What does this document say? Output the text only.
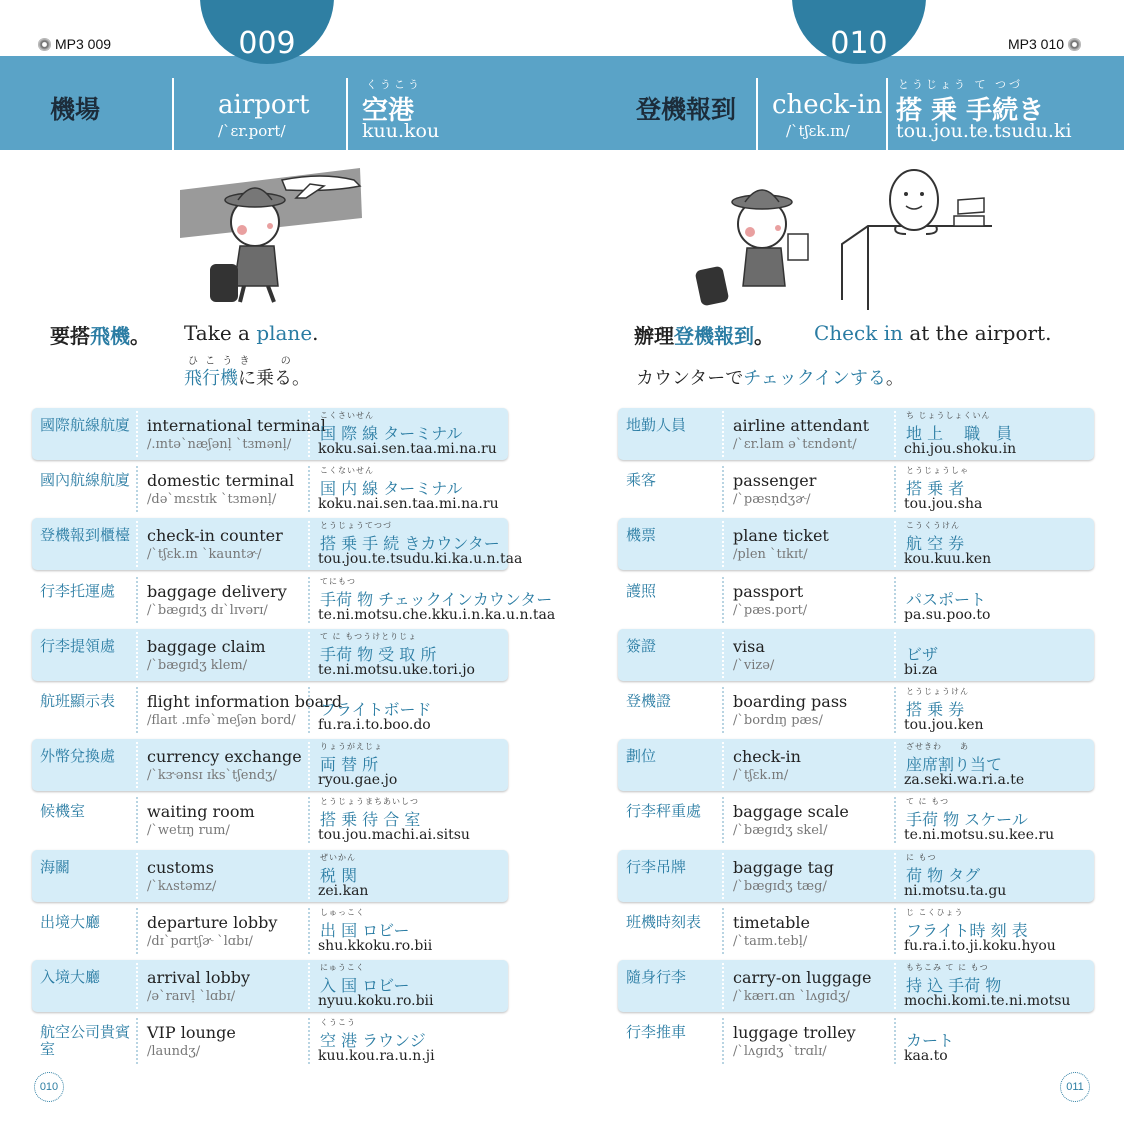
MP3 009
機場	airport
/ˋɛr.port/
くうこう
空港
kuu.kou
009
要搭飛機。 Take a plane.
ひ こ う き　　 の
飛行機に乗る。
國際航線航廈 international terminal
/.ɪntəˋnæʃənḷ ˋtɜmənḷ/
こくさいせん
国 際 線 ターミナル
koku.sai.sen.taa.mi.na.ru
國內航線航廈 domestic terminal
/dəˋmɛstɪk ˋtɜmənḷ/
こくないせん
国 内 線 ターミナル
koku.nai.sen.taa.mi.na.ru
登機報到櫃檯 check-in counter
/ˋtʃɛk.ɪn ˋkauntɚ/
とうじょうてつづ
搭 乗 手 続 きカウンター
tou.jou.te.tsudu.ki.ka.u.n.taa
行李托運處	baggage delivery
/ˋbægɪdʒ dɪˋlɪvərɪ/
てにもつ
手荷 物 チェックインカウンター
te.ni.motsu.che.kku.i.n.ka.u.n.taa
行李提領處	baggage claim
/ˋbægɪdʒ klem/
て に もつうけとりじょ
手荷 物 受 取 所
te.ni.motsu.uke.tori.jo
航班顯示表	flight information board
/flaɪt .ɪnfəˋmeʃən bord/
フライトボード
fu.ra.i.to.boo.do
外幣兌換處	currency exchange
/ˋkɝənsɪ ɪksˋtʃendʒ/
りょうがえじょ
両 替 所
ryou.gae.jo
候機室	waiting room
/ˋwetɪŋ rum/
とうじょうまちあいしつ
搭 乗 待 合 室
tou.jou.machi.ai.sitsu
海關	customs
/ˋkʌstəmz/
ぜいかん
税 関
zei.kan
出境大廳	departure lobby
/dɪˋpɑrtʃɚ ˋlɑbɪ/
しゅっこく
出 国 ロビー
shu.kkoku.ro.bii
入境大廳	arrival lobby
/əˋraɪvḷ ˋlɑbɪ/
にゅうこく
入 国 ロビー
nyuu.koku.ro.bii
航空公司貴賓室
VIP lounge
/laundʒ/
くうこう
空 港 ラウンジ
kuu.kou.ra.u.n.ji
010
MP3 010
登機報到 check-in
/ˋtʃɛk.ɪn/
とうじょう て つづ
搭 乗 手続き
tou.jou.te.tsudu.ki
010
辦理登機報到。 Check in at the airport.
カウンターでチェックインする。
地勤人員	airline attendant
/ˋɛr.laɪn əˋtɛndənt/
ち じょうしょくいん
地 上 　職　員
chi.jou.shoku.in
乘客	passenger
/ˋpæsṇdʒɚ/
とうじょうしゃ
搭 乗 者
tou.jou.sha
機票	plane ticket
/plen ˋtɪkɪt/
こうくうけん
航 空 券
kou.kuu.ken
護照	passport
/ˋpæs.port/
パスポート
pa.su.poo.to
簽證	visa
/ˋvizə/
ビザ
bi.za
登機證	boarding pass
/ˋbordɪŋ pæs/
とうじょうけん
搭 乗 券
tou.jou.ken
劃位	check-in
/ˋtʃɛk.ɪn/
ざせきわ　　あ
座席割り当て
za.seki.wa.ri.a.te
行李秤重處	baggage scale
/ˋbægɪdʒ skel/
て に もつ
手荷 物 スケール
te.ni.motsu.su.kee.ru
行李吊牌	baggage tag
/ˋbægɪdʒ tæg/
に もつ
荷 物 タグ
ni.motsu.ta.gu
班機時刻表	timetable
/ˋtaɪm.tebḷ/
じ こくひょう
フライト時 刻 表
fu.ra.i.to.ji.koku.hyou
隨身行李	carry-on luggage
/ˋkærɪ.ɑn ˋlʌgɪdʒ/
もちこみ て に もつ
持 込 手荷 物
mochi.komi.te.ni.motsu
行李推車	luggage trolley
/ˋlʌgɪdʒ ˋtrɑlɪ/
カート
kaa.to
011
